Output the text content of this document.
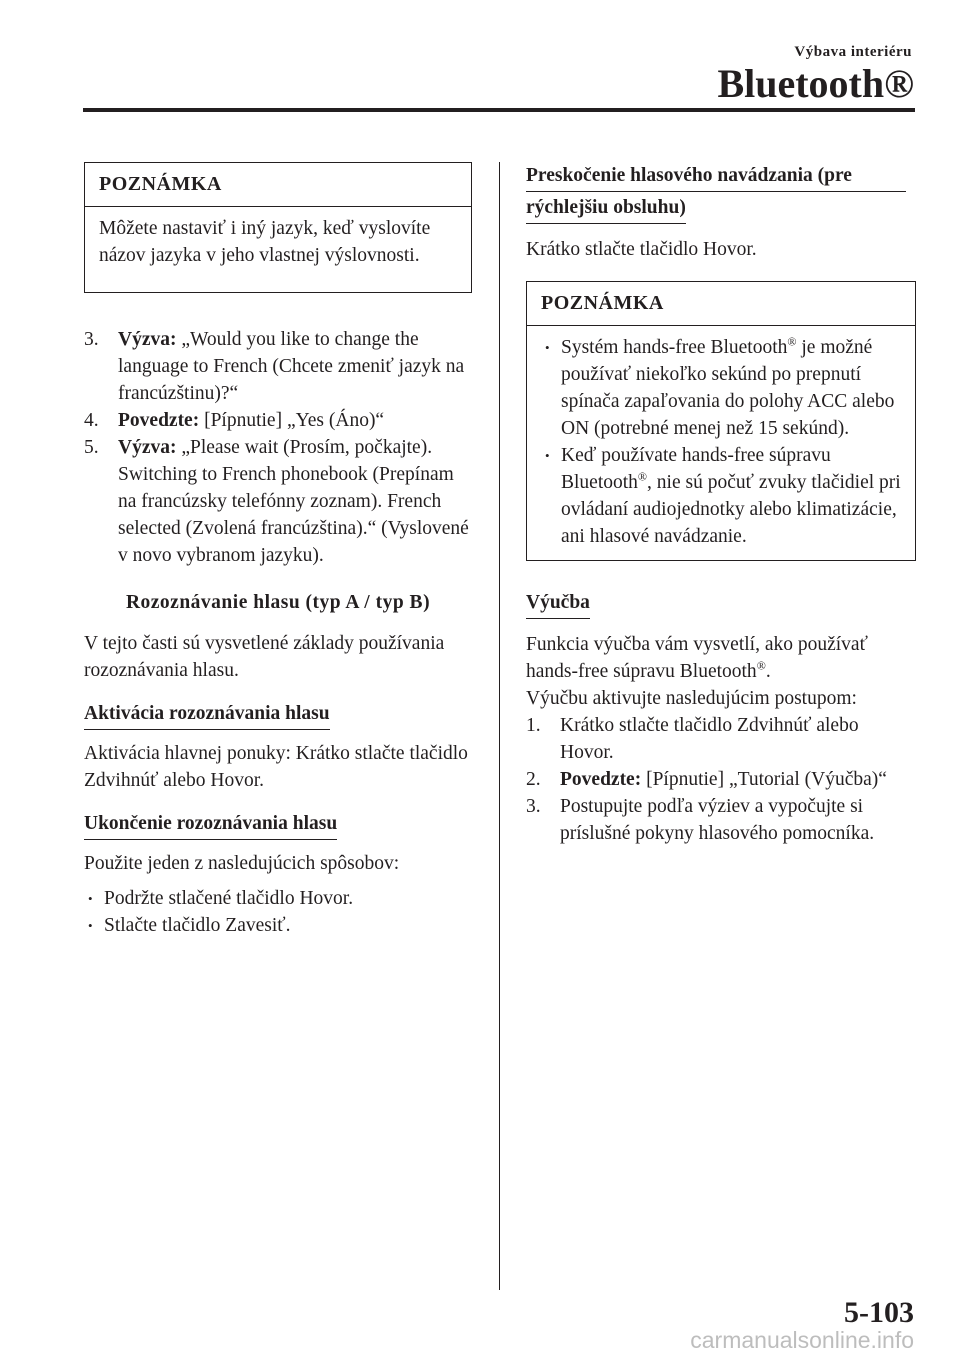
Výbava interiéru
Bluetooth®
POZNÁMKA
Môžete nastaviť i iný jazyk, keď vyslovíte názov jazyka v jeho vlastnej výslovnosti.
3. Výzva: „Would you like to change the language to French (Chcete zmeniť jazyk na francúzštinu)?“
4. Povedzte: [Pípnutie] „Yes (Áno)“
5. Výzva: „Please wait (Prosím, počkajte). Switching to French phonebook (Prepínam na francúzsky telefónny zoznam). French selected (Zvolená francúzština).“ (Vyslovené v novo vybranom jazyku).
Rozoznávanie hlasu (typ A / typ B)

V tejto časti sú vysvetlené základy používania rozoznávania hlasu.

Aktivácia rozoznávania hlasu

Aktivácia hlavnej ponuky: Krátko stlačte tlačidlo Zdvihnúť alebo Hovor.

Ukončenie rozoznávania hlasu

Použite jeden z nasledujúcich spôsobov:

• Podržte stlačené tlačidlo Hovor.
• Stlačte tlačidlo Zavesiť.
Preskočenie hlasového navádzania (pre
rýchlejšiu obsluhu)

Krátko stlačte tlačidlo Hovor.

POZNÁMKA
• Systém hands-free Bluetooth® je možné používať niekoľko sekúnd po prepnutí spínača zapaľovania do polohy ACC alebo ON (potrebné menej než 15 sekúnd).
• Keď používate hands-free súpravu Bluetooth®, nie sú počuť zvuky tlačidiel pri ovládaní audiojednotky alebo klimatizácie, ani hlasové navádzanie.
Výučba

Funkcia výučba vám vysvetlí, ako používať hands-free súpravu Bluetooth®.

Výučbu aktivujte nasledujúcim postupom:

1. Krátko stlačte tlačidlo Zdvihnúť alebo Hovor.
2. Povedzte: [Pípnutie] „Tutorial (Výučba)“
3. Postupujte podľa výziev a vypočujte si príslušné pokyny hlasového pomocníka.
5-103
carmanualsonline.info
